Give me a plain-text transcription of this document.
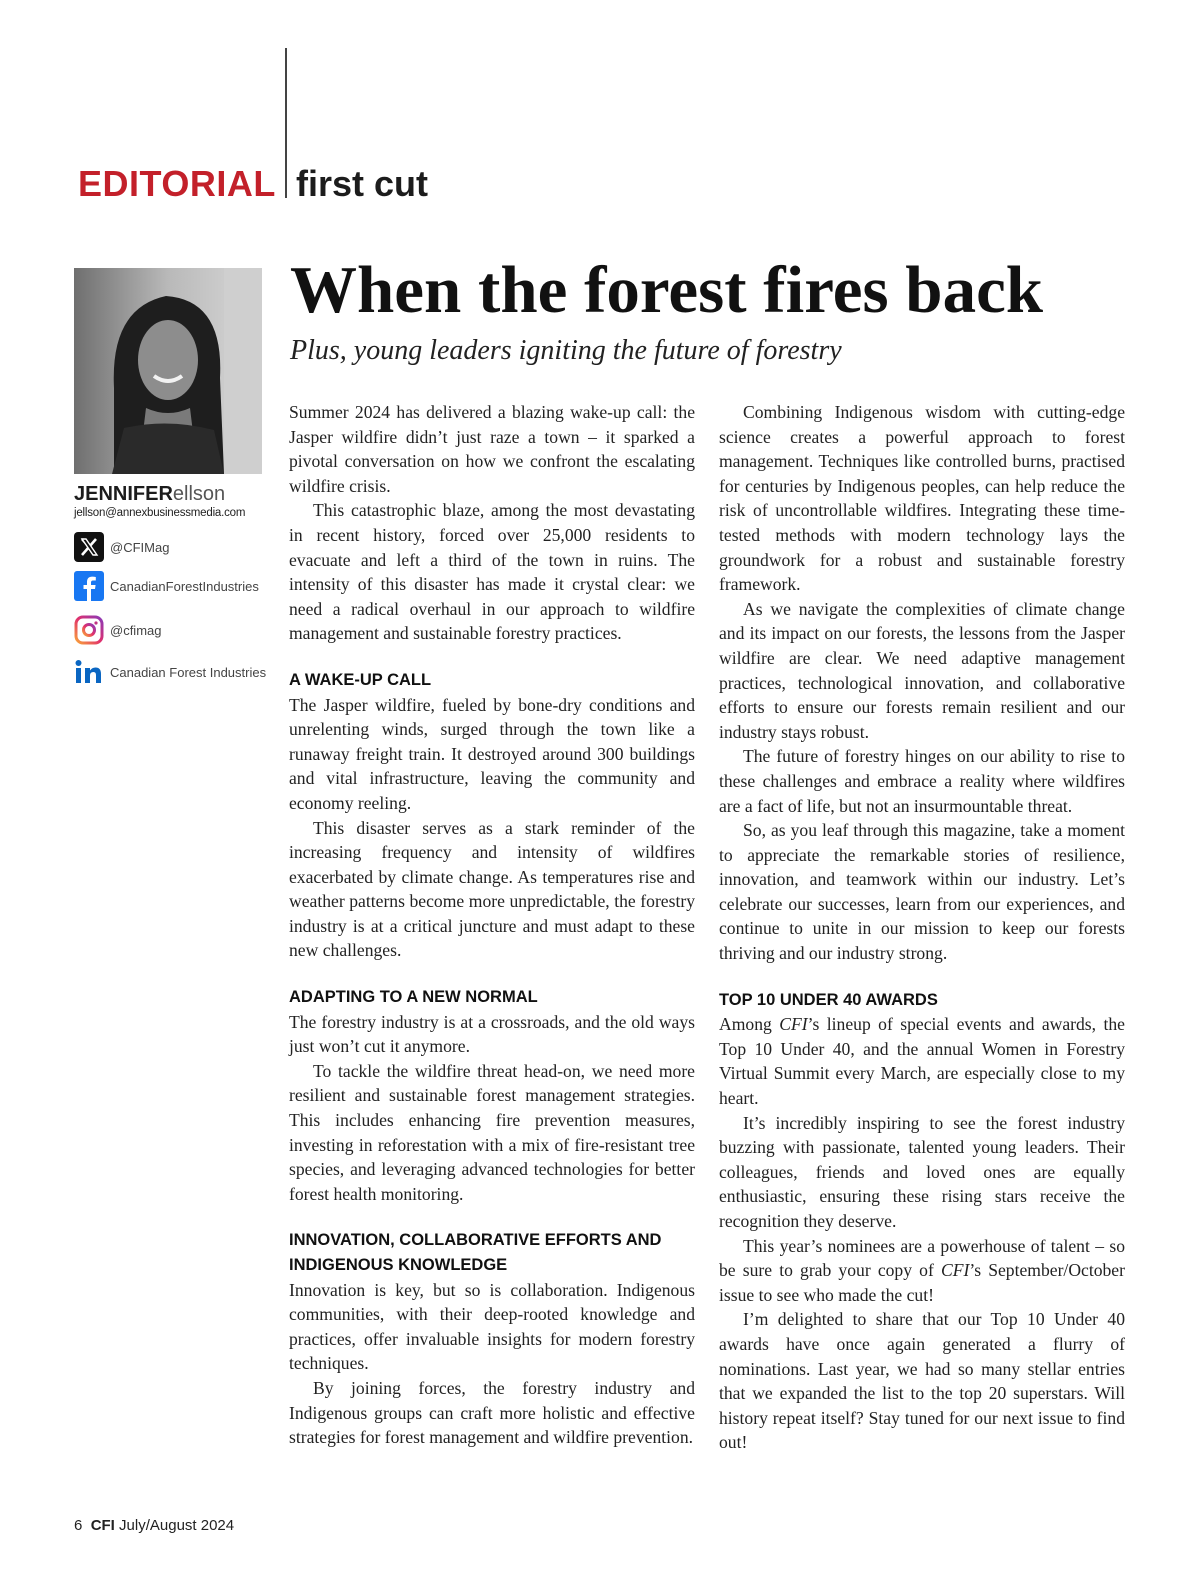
EDITORIAL first cut
JENNIFERellson
jellson@annexbusinessmedia.com
@CFIMag
CanadianForestIndustries
@cfimag
Canadian Forest Industries
When the forest fires back
Plus, young leaders igniting the future of forestry

Summer 2024 has delivered a blazing wake-up call: the Jasper wildfire didn’t just raze a town – it sparked a pivotal conversation on how we confront the escalating wildfire crisis.

This catastrophic blaze, among the most devastating in recent history, forced over 25,000 residents to evacuate and left a third of the town in ruins. The intensity of this disaster has made it crystal clear: we need a radical overhaul in our approach to wildfire management and sustainable forestry practices.

A WAKE-UP CALL

The Jasper wildfire, fueled by bone-dry conditions and unrelenting winds, surged through the town like a runaway freight train. It destroyed around 300 buildings and vital infrastructure, leaving the community and economy reeling.

This disaster serves as a stark reminder of the increasing frequency and intensity of wildfires exacerbated by climate change. As temperatures rise and weather patterns become more unpredictable, the forestry industry is at a critical juncture and must adapt to these new challenges.

ADAPTING TO A NEW NORMAL

The forestry industry is at a crossroads, and the old ways just won’t cut it anymore.

To tackle the wildfire threat head-on, we need more resilient and sustainable forest management strategies. This includes enhancing fire prevention measures, investing in reforestation with a mix of fire-resistant tree species, and leveraging advanced technologies for better forest health monitoring.

INNOVATION, COLLABORATIVE EFFORTS AND INDIGENOUS KNOWLEDGE

Innovation is key, but so is collaboration. Indigenous communities, with their deep-rooted knowledge and practices, offer invaluable insights for modern forestry techniques.

By joining forces, the forestry industry and Indigenous groups can craft more holistic and effective strategies for forest management and wildfire prevention.

Combining Indigenous wisdom with cutting-edge science creates a powerful approach to forest management. Techniques like controlled burns, practised for centuries by Indigenous peoples, can help reduce the risk of uncontrollable wildfires. Integrating these time-tested methods with modern technology lays the groundwork for a robust and sustainable forestry framework.

As we navigate the complexities of climate change and its impact on our forests, the lessons from the Jasper wildfire are clear. We need adaptive management practices, technological innovation, and collaborative efforts to ensure our forests remain resilient and our industry stays robust.

The future of forestry hinges on our ability to rise to these challenges and embrace a reality where wildfires are a fact of life, but not an insurmountable threat.

So, as you leaf through this magazine, take a moment to appreciate the remarkable stories of resilience, innovation, and teamwork within our industry. Let’s celebrate our successes, learn from our experiences, and continue to unite in our mission to keep our forests thriving and our industry strong.

TOP 10 UNDER 40 AWARDS

Among CFI’s lineup of special events and awards, the Top 10 Under 40, and the annual Women in Forestry Virtual Summit every March, are especially close to my heart.

It’s incredibly inspiring to see the forest industry buzzing with passionate, talented young leaders. Their colleagues, friends and loved ones are equally enthusiastic, ensuring these rising stars receive the recognition they deserve.

This year’s nominees are a powerhouse of talent – so be sure to grab your copy of CFI’s September/October issue to see who made the cut!

I’m delighted to share that our Top 10 Under 40 awards have once again generated a flurry of nominations. Last year, we had so many stellar entries that we expanded the list to the top 20 superstars. Will history repeat itself? Stay tuned for our next issue to find out!

6 CFI July/August 2024
